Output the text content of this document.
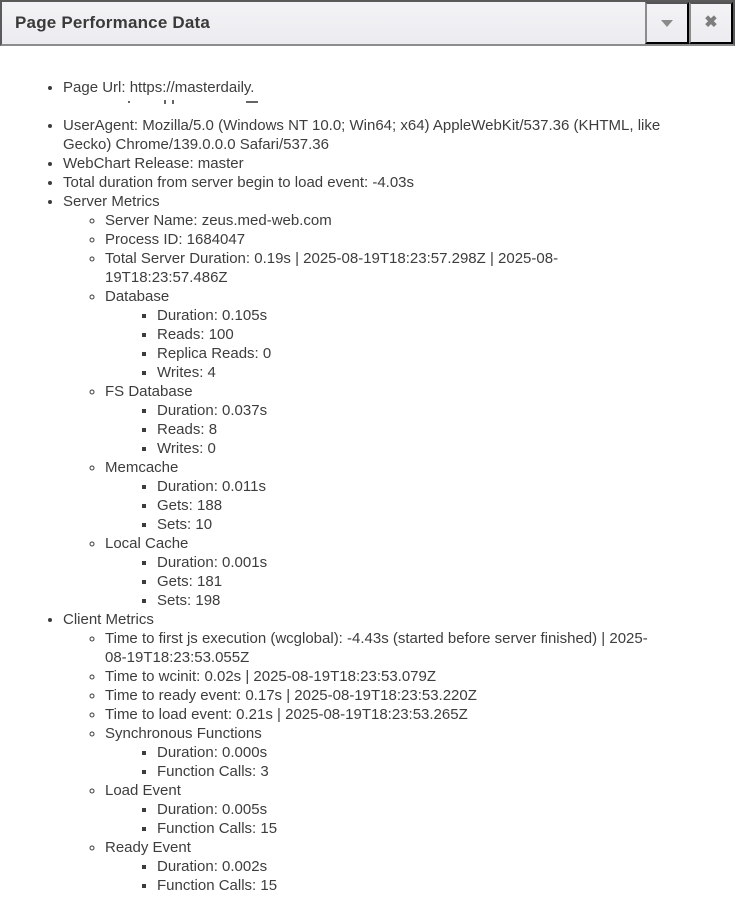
Page Performance Data	✖
• Page Url: https://masterdaily.
• UserAgent: Mozilla/5.0 (Windows NT 10.0; Win64; x64) AppleWebKit/537.36 (KHTML, like
Gecko) Chrome/139.0.0.0 Safari/537.36
• WebChart Release: master
• Total duration from server begin to load event: -4.03s
• Server Metrics
◦ Server Name: zeus.med-web.com
◦ Process ID: 1684047
◦ Total Server Duration: 0.19s | 2025-08-19T18:23:57.298Z | 2025-08-
19T18:23:57.486Z
◦ Database
▪ Duration: 0.105s
▪ Reads: 100
▪ Replica Reads: 0
▪ Writes: 4
◦ FS Database
▪ Duration: 0.037s
▪ Reads: 8
▪ Writes: 0
◦ Memcache
▪ Duration: 0.011s
▪ Gets: 188
▪ Sets: 10
◦ Local Cache
▪ Duration: 0.001s
▪ Gets: 181
▪ Sets: 198
• Client Metrics
◦ Time to first js execution (wcglobal): -4.43s (started before server finished) | 2025-
08-19T18:23:53.055Z
◦ Time to wcinit: 0.02s | 2025-08-19T18:23:53.079Z
◦ Time to ready event: 0.17s | 2025-08-19T18:23:53.220Z
◦ Time to load event: 0.21s | 2025-08-19T18:23:53.265Z
◦ Synchronous Functions
▪ Duration: 0.000s
▪ Function Calls: 3
◦ Load Event
▪ Duration: 0.005s
▪ Function Calls: 15
◦ Ready Event
▪ Duration: 0.002s
▪ Function Calls: 15
